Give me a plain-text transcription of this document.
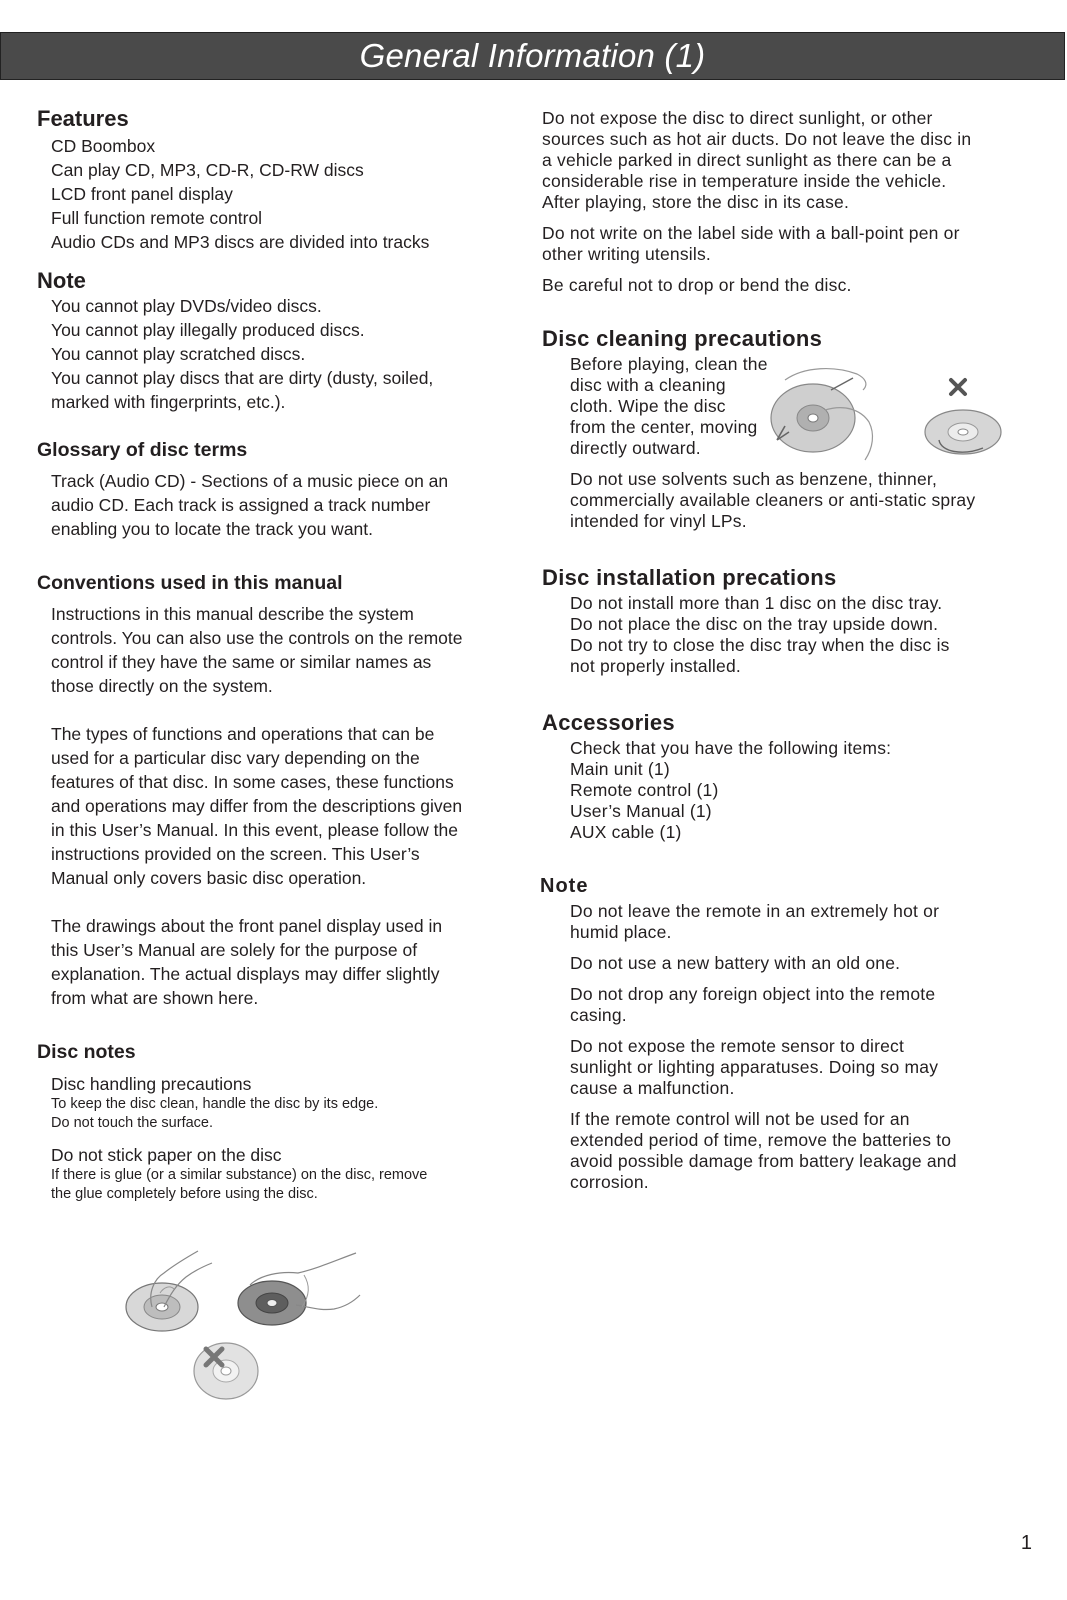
General Information (1)
Features
CD Boombox
Can play CD, MP3, CD-R, CD-RW discs
LCD front panel display
Full function remote control
Audio CDs and MP3 discs are divided into tracks
Note
You cannot play DVDs/video discs.
You cannot play illegally produced discs.
You cannot play scratched discs.
You cannot play discs that are dirty (dusty, soiled,
marked with fingerprints, etc.).
Glossary of disc terms
Track (Audio CD) - Sections of a music piece on an
audio CD. Each track is assigned a track number
enabling you to locate the track you want.
Conventions used in this manual
Instructions in this manual describe the system
controls. You can also use the controls on the remote
control if they have the same or similar names as
those directly on the system.
The types of functions and operations that can be
used for a particular disc vary depending on the
features of that disc. In some cases, these functions
and operations may differ from the descriptions given
in this User’s Manual. In this event, please follow the
instructions provided on the screen. This User’s
Manual only covers basic disc operation.
The drawings about the front panel display used in
this User’s Manual are solely for the purpose of
explanation. The actual displays may differ slightly
from what are shown here.
Disc notes
Disc handling precautions
To keep the disc clean, handle the disc by its edge.
Do not touch the surface.
Do not stick paper on the disc
If there is glue (or a similar substance) on the disc, remove
the glue completely before using the disc.
Do not expose the disc to direct sunlight, or other
sources such as hot air ducts. Do not leave the disc in
a vehicle parked in direct sunlight as there can be a
considerable rise in temperature inside the vehicle.
After playing, store the disc in its case.
Do not write on the label side with a ball-point pen or
other writing utensils.
Be careful not to drop or bend the disc.
Disc cleaning precautions
Before playing, clean the
disc with a cleaning
cloth. Wipe the disc
from the center, moving
directly outward.
Do not use solvents such as benzene, thinner,
commercially available cleaners or anti-static spray
intended for vinyl LPs.
Disc installation precations
Do not install more than 1 disc on the disc tray.
Do not place the disc on the tray upside down.
Do not try to close the disc tray when the disc is
not properly installed.
Accessories
Check that you have the following items:
Main unit (1)
Remote control (1)
User’s Manual (1)
AUX cable (1)
Note
Do not leave the remote in an extremely hot or
humid place.
Do not use a new battery with an old one.
Do not drop any foreign object into the remote
casing.
Do not expose the remote sensor to direct
sunlight or lighting apparatuses. Doing so may
cause a malfunction.
If the remote control will not be used for an
extended period of time, remove the batteries to
avoid possible damage from battery leakage and
corrosion.
1
